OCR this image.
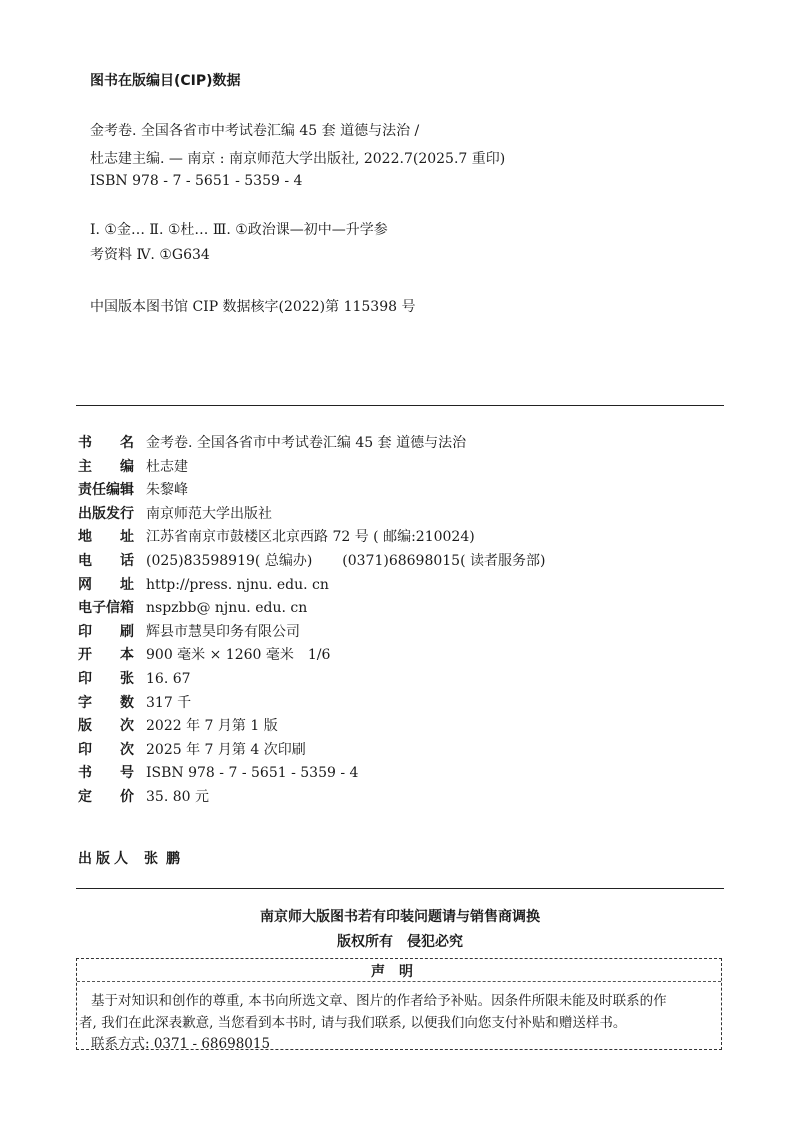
图书在版编目(CIP)数据
金考卷. 全国各省市中考试卷汇编 45 套 道德与法治 /
杜志建主编. — 南京 : 南京师范大学出版社, 2022.7(2025.7 重印)
ISBN 978 - 7 - 5651 - 5359 - 4
Ⅰ. ①金… Ⅱ. ①杜… Ⅲ. ①政治课—初中—升学参
考资料 Ⅳ. ①G634
中国版本图书馆 CIP 数据核字(2022)第 115398 号
书　名 金考卷. 全国各省市中考试卷汇编 45 套 道德与法治
主　编 杜志建
责任编辑 朱黎峰
出版发行 南京师范大学出版社
地　址 江苏省南京市鼓楼区北京西路 72 号 ( 邮编:210024)
电　话 (025)83598919( 总编办) (0371)68698015( 读者服务部)
网　址 http://press. njnu. edu. cn
电子信箱 nspzbb@ njnu. edu. cn
印　刷 辉县市慧昊印务有限公司
开　本 900 毫米 × 1260 毫米　1/6
印　张 16. 67
字　数 317 千
版　次 2022 年 7 月第 1 版
印　次 2025 年 7 月第 4 次印刷
书　号 ISBN 978 - 7 - 5651 - 5359 - 4
定　价 35. 80 元
出版人 张鹏
南京师大版图书若有印装问题请与销售商调换
版权所有　侵犯必究
声明
基于对知识和创作的尊重, 本书向所选文章、图片的作者给予补贴。因条件所限未能及时联系的作
者, 我们在此深表歉意, 当您看到本书时, 请与我们联系, 以便我们向您支付补贴和赠送样书。
联系方式: 0371 - 68698015
